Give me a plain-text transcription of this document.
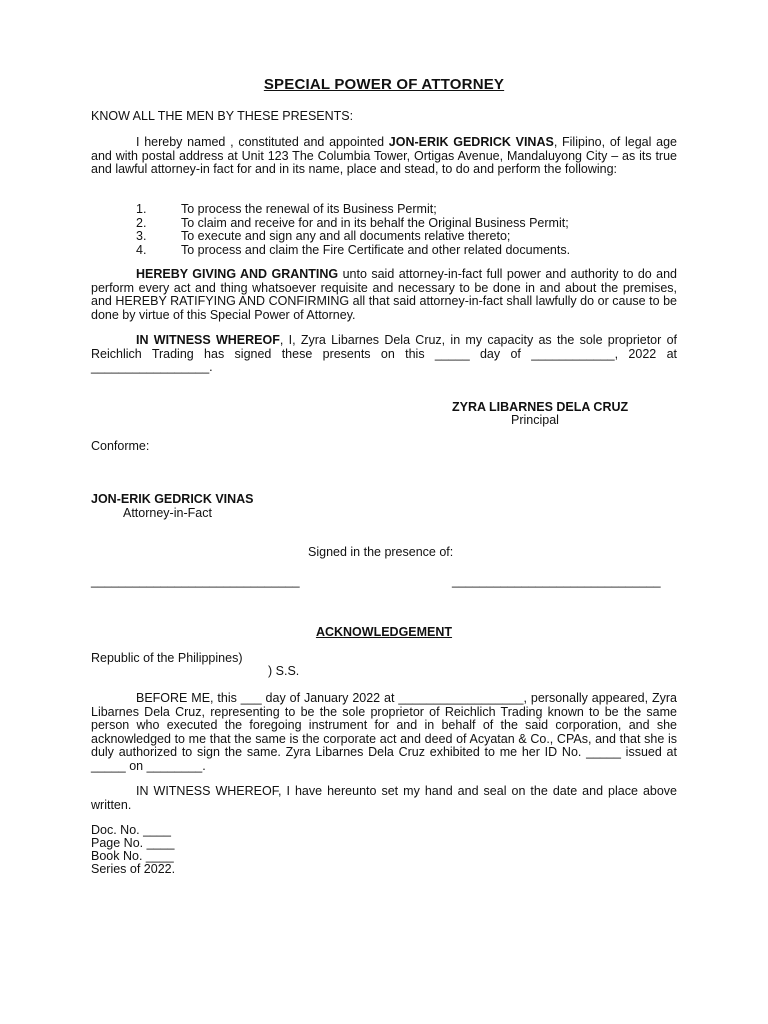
SPECIAL POWER OF ATTORNEY
KNOW ALL THE MEN BY THESE PRESENTS:
I hereby named , constituted and appointed JON-ERIK GEDRICK VINAS, Filipino, of legal age and with postal address at Unit 123 The Columbia Tower, Ortigas Avenue, Mandaluyong City – as its true and lawful attorney-in fact for and in its name, place and stead, to do and perform the following:
1.	To process the renewal of its Business Permit;
2.	To claim and receive for and in its behalf the Original Business Permit;
3.	To execute and sign any and all documents relative thereto;
4.	To process and claim the Fire Certificate and other related documents.
HEREBY GIVING AND GRANTING unto said attorney-in-fact full power and authority to do and perform every act and thing whatsoever requisite and necessary to be done in and about the premises, and HEREBY RATIFYING AND CONFIRMING all that said attorney-in-fact shall lawfully do or cause to be done by virtue of this Special Power of Attorney.
IN WITNESS WHEREOF, I, Zyra Libarnes Dela Cruz, in my capacity as the sole proprietor of Reichlich Trading has signed these presents on this _____ day of ____________, 2022 at _________________.
ZYRA LIBARNES DELA CRUZ
Principal
Conforme:
JON-ERIK GEDRICK VINAS
Attorney-in-Fact
Signed in the presence of:
______________________________	______________________________
ACKNOWLEDGEMENT
Republic of the Philippines)
) S.S.
BEFORE ME, this ___ day of January 2022 at __________________, personally appeared, Zyra Libarnes Dela Cruz, representing to be the sole proprietor of Reichlich Trading known to be the same person who executed the foregoing instrument for and in behalf of the said corporation, and she acknowledged to me that the same is the corporate act and deed of Acyatan & Co., CPAs, and that she is duly authorized to sign the same. Zyra Libarnes Dela Cruz exhibited to me her ID No. _____ issued at _____ on ________.
IN WITNESS WHEREOF, I have hereunto set my hand and seal on the date and place above written.
Doc. No. ____
Page No. ____
Book No. ____
Series of 2022.
